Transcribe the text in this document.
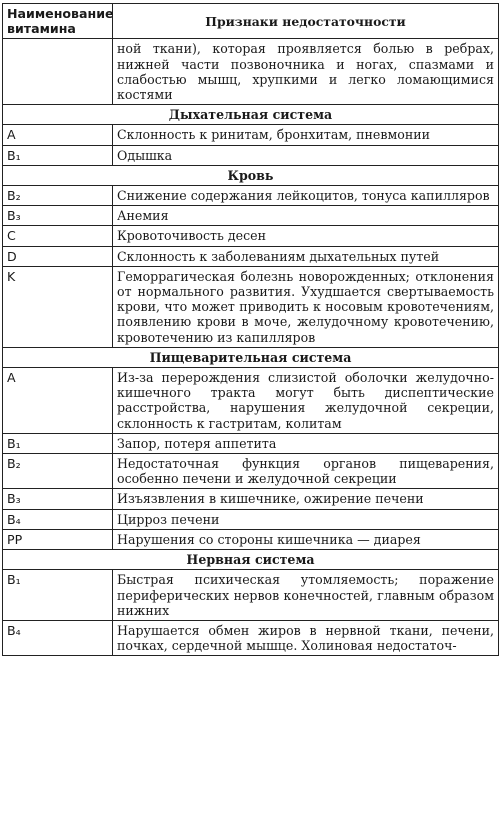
Наименование витамина	Признаки недостаточности
	ной ткани), которая проявляется болью в ребрах, нижней части позвоночника и ногах, спазмами и слабостью мышц, хрупкими и легко ломающимися костями
Дыхательная система	
A	Склонность к ринитам, бронхитам, пневмонии
B₁	Одышка
Кровь	
B₂	Снижение содержания лейкоцитов, тонуса капилляров
B₃	Анемия
C	Кровоточивость десен
D	Склонность к заболеваниям дыхательных путей
K	Геморрагическая болезнь новорожденных; отклонения от нормального развития. Ухудшается свертываемость крови, что может приводить к носовым кровотечениям, появлению крови в моче, желудочному кровотечению, кровотечению из капилляров
Пищеварительная система	
A	Из-за перерождения слизистой оболочки желудочно-кишечного тракта могут быть диспептические расстройства, нарушения желудочной секреции, склонность к гастритам, колитам
B₁	Запор, потеря аппетита
B₂	Недостаточная функция органов пищеварения, особенно печени и желудочной секреции
B₃	Изъязвления в кишечнике, ожирение печени
B₄	Цирроз печени
PP	Нарушения со стороны кишечника — диарея
Нервная система	
B₁	Быстрая психическая утомляемость; поражение периферических нервов конечностей, главным образом нижних
B₄	Нарушается обмен жиров в нервной ткани, печени, почках, сердечной мышце. Холиновая недостаточ-
